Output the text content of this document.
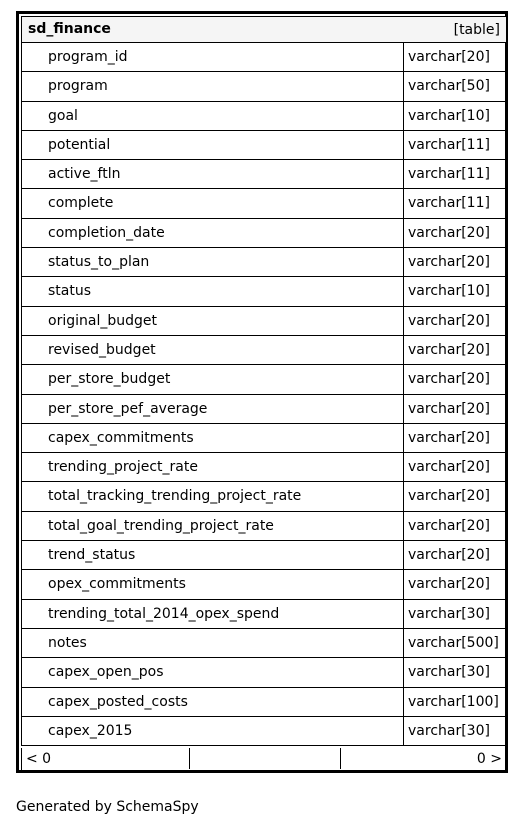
sd_finance	[table]
program_id	varchar[20]
program	varchar[50]
goal	varchar[10]
potential	varchar[11]
active_ftln	varchar[11]
complete	varchar[11]
completion_date	varchar[20]
status_to_plan	varchar[20]
status	varchar[10]
original_budget	varchar[20]
revised_budget	varchar[20]
per_store_budget	varchar[20]
per_store_pef_average	varchar[20]
capex_commitments	varchar[20]
trending_project_rate	varchar[20]
total_tracking_trending_project_rate	varchar[20]
total_goal_trending_project_rate	varchar[20]
trend_status	varchar[20]
opex_commitments	varchar[20]
trending_total_2014_opex_spend	varchar[30]
notes	varchar[500]
capex_open_pos	varchar[30]
capex_posted_costs	varchar[100]
capex_2015	varchar[30]
< 0	0 >
Generated by SchemaSpy
